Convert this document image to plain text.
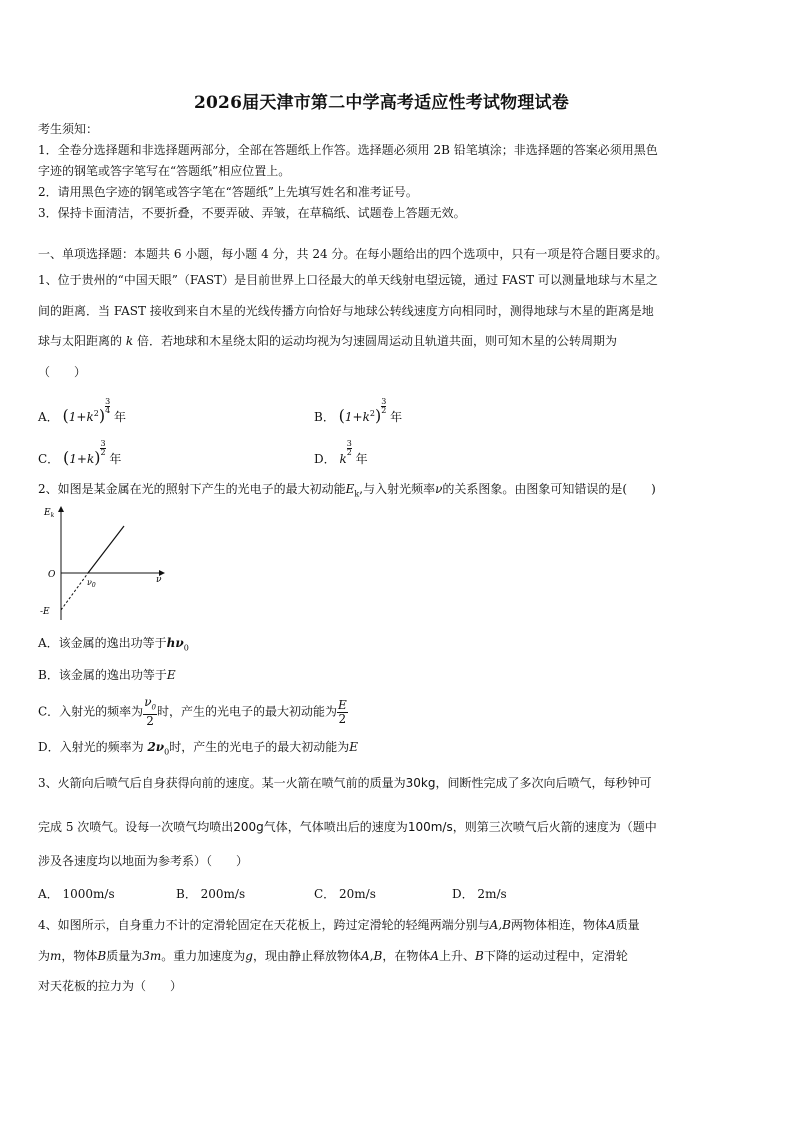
2026届天津市第二中学高考适应性考试物理试卷
考生须知：
1．全卷分选择题和非选择题两部分，全部在答题纸上作答。选择题必须用 2B 铅笔填涂；非选择题的答案必须用黑色
字迹的钢笔或答字笔写在“答题纸”相应位置上。
2．请用黑色字迹的钢笔或答字笔在“答题纸”上先填写姓名和准考证号。
3．保持卡面清洁，不要折叠，不要弄破、弄皱，在草稿纸、试题卷上答题无效。
一、单项选择题：本题共 6 小题，每小题 4 分，共 24 分。在每小题给出的四个选项中，只有一项是符合题目要求的。
1、位于贵州的“中国天眼”（FAST）是目前世界上口径最大的单天线射电望远镜，通过 FAST 可以测量地球与木星之
间的距离．当 FAST 接收到来自木星的光线传播方向恰好与地球公转线速度方向相同时，测得地球与木星的距离是地
球与太阳距离的 k 倍．若地球和木星绕太阳的运动均视为匀速圆周运动且轨道共面，则可知木星的公转周期为
（　　）
A． $(1+k^2)$ $^{\frac{3}{4}}$
年	B． $(1+k^2)$ $^{\frac{3}{2}}$
年
C． (1+k) $^{\frac{3}{2}}$
年	D． k
$^{\frac{3}{2}}$
年
2、如图是某金属在光的照射下产生的光电子的最大初动能$E_k$,与入射光频率ν的关系图象。由图象可知错误的是(　　)
$E_k$
O	ν
$\nu_0$
-E
A．该金属的逸出功等于$h\nu_0$
B．该金属的逸出功等于E
C．入射光的频率为 $\frac{\nu_0}{2}$ 时，产生的光电子的最大初动能为 $\frac{E}{2}$
D．入射光的频率为 $2\nu_0$时，产生的光电子的最大初动能为E
3、火箭向后喷气后自身获得向前的速度。某一火箭在喷气前的质量为30kg，间断性完成了多次向后喷气，每秒钟可
完成 5 次喷气。设每一次喷气均喷出200g气体，气体喷出后的速度为100m/s，则第三次喷气后火箭的速度为（题中
涉及各速度均以地面为参考系）（　　）
A． 1000m/s	B． 200m/s	C． 20m/s	D． 2m/s
4、如图所示，自身重力不计的定滑轮固定在天花板上，跨过定滑轮的轻绳两端分别与A,B两物体相连，物体A质量
为m，物体B质量为3m。重力加速度为g，现由静止释放物体A,B，在物体A上升、B下降的运动过程中，定滑轮
对天花板的拉力为（　　）
